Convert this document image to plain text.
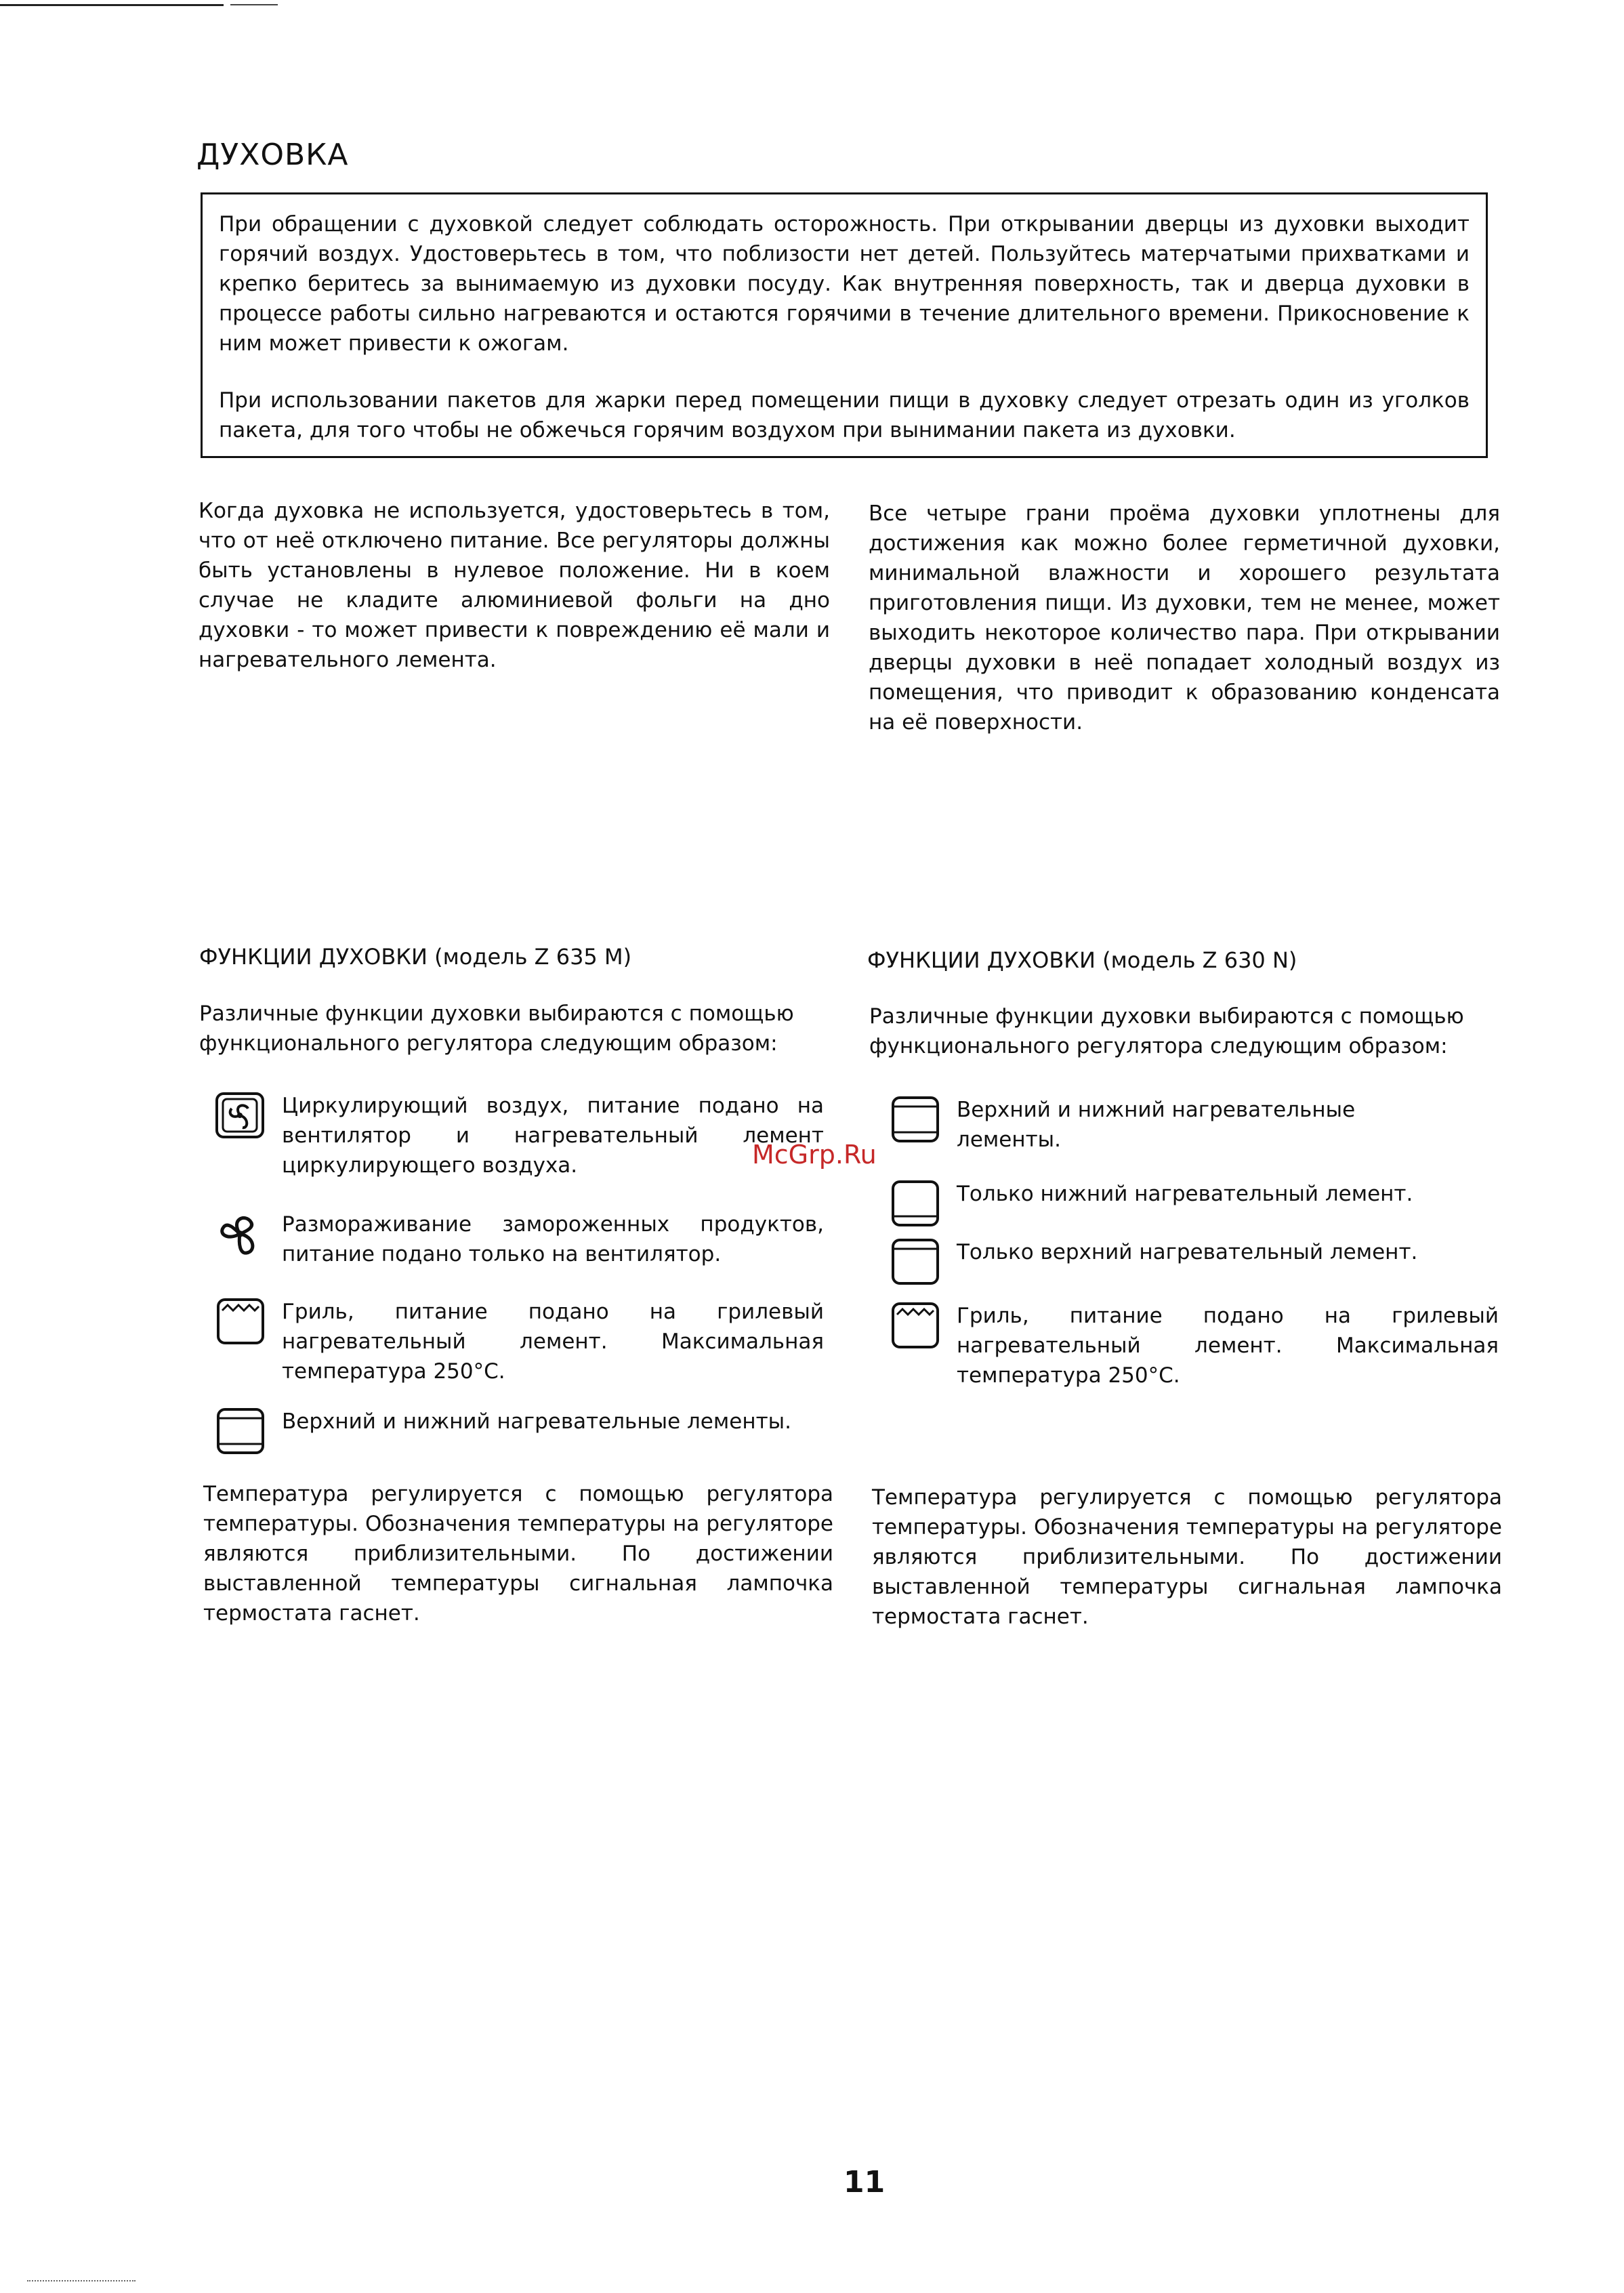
ДУХОВКА

При обращении с духовкой следует соблюдать осторожность. При открывании дверцы из духовки выходит горячий воздух. Удостоверьтесь в том, что поблизости нет детей. Пользуйтесь матерчатыми прихватками и крепко беритесь за вынимаемую из духовки посуду. Как внутренняя поверхность, так и дверца духовки в процессе работы сильно нагреваются и остаются горячими в течение длительного времени. Прикосновение к ним может привести к ожогам.

При использовании пакетов для жарки перед помещении пищи в духовку следует отрезать один из уголков пакета, для того чтобы не обжечься горячим воздухом при вынимании пакета из духовки.

Когда духовка не используется, удостоверьтесь в том, что от неё отключено питание. Все регуляторы должны быть установлены в нулевое положение. Ни в коем случае не кладите алюминиевой фольги на дно духовки - то может привести к повреждению её мали и нагревательного лемента.

Все четыре грани проёма духовки уплотнены для достижения как можно более герметичной духовки, минимальной влажности и хорошего результата приготовления пищи. Из духовки, тем не менее, может выходить некоторое количество пара. При открывании дверцы духовки в неё попадает холодный воздух из помещения, что приводит к образованию конденсата на её поверхности.

ФУНКЦИИ ДУХОВКИ (модель Z 635 M)

Различные функции духовки выбираются с помощью функционального регулятора следующим образом:

Циркулирующий воздух, питание подано на вентилятор и нагревательный лемент циркулирующего воздуха.
Размораживание замороженных продуктов, питание подано только на вентилятор.
Гриль, питание подано на грилевый нагревательный лемент. Максимальная температура 250°С.
Верхний и нижний нагревательные лементы.

Температура регулируется с помощью регулятора температуры. Обозначения температуры на регуляторе являются приблизительными. По достижении выставленной температуры сигнальная лампочка термостата гаснет.

ФУНКЦИИ ДУХОВКИ (модель Z 630 N)

Различные функции духовки выбираются с помощью функционального регулятора следующим образом:

Верхний и нижний нагревательные лементы.
Только нижний нагревательный лемент.
Только верхний нагревательный лемент.
Гриль, питание подано на грилевый нагревательный лемент. Максимальная температура 250°С.

Температура регулируется с помощью регулятора температуры. Обозначения температуры на регуляторе являются приблизительными. По достижении выставленной температуры сигнальная лампочка термостата гаснет.

McGrp.Ru

11
